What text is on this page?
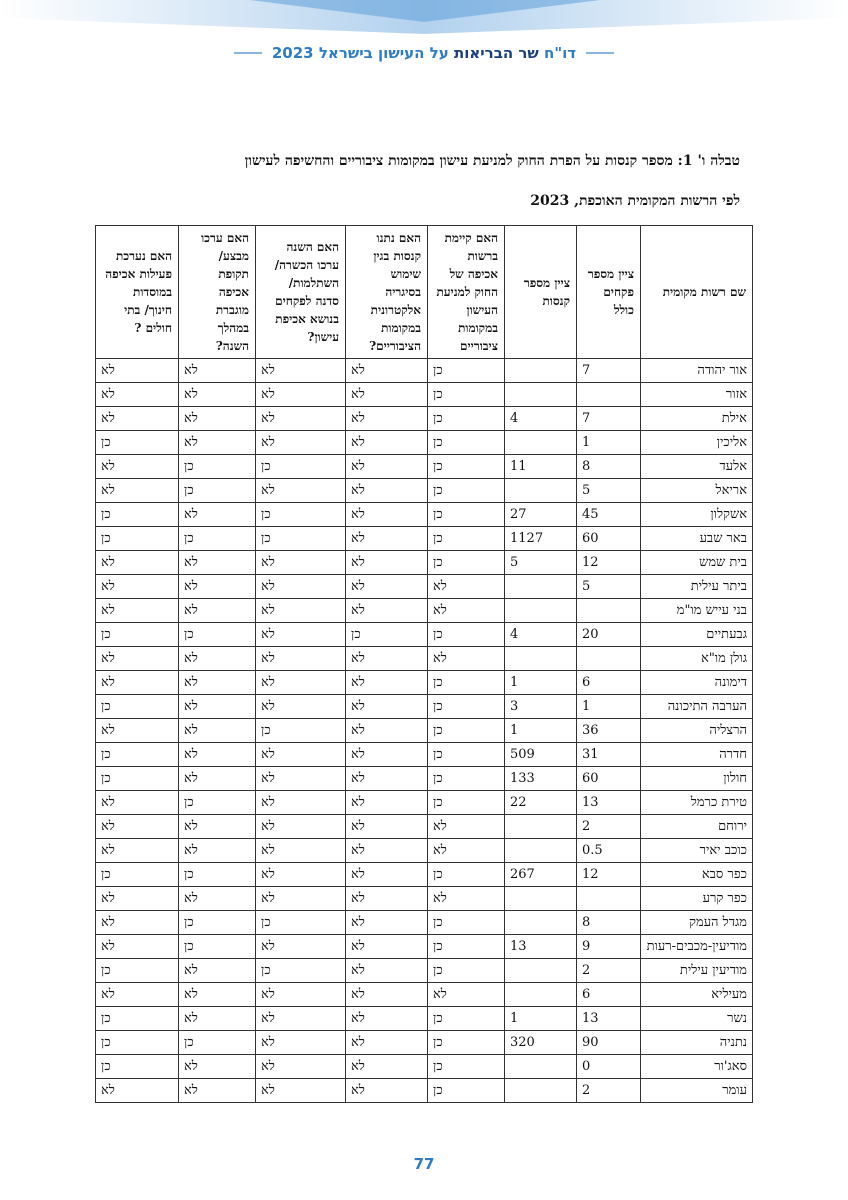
דו"ח שר הבריאות על העישון בישראל 2023
טבלה ו' 1: מספר קנסות על הפרת החוק למניעת עישון במקומות ציבוריים והחשיפה לעישון
לפי הרשות המקומית האוכפת, 2023
שם רשות מקומית	ציין מספר פקחים כולל	ציין מספר קנסות	האם קיימת ברשות אכיפה של החוק למניעת העישון במקומות ציבוריים	האם נתנו קנסות בגין שימוש בסיגריה אלקטרונית במקומות הציבוריים?	האם השנה ערכו הכשרה/ השתלמות/ סדנה לפקחים בנושא אכיפת עישון?	האם ערכו מבצע/ תקופת אכיפה מוגברת במהלך השנה?	האם נערכת פעילות אכיפה במוסדות חינוך/ בתי חולים ?
אור יהודה	7		כן	לא	לא	לא	לא
אזור			כן	לא	לא	לא	לא
אילת	7	4	כן	לא	לא	לא	לא
אליכין	1		כן	לא	לא	לא	כן
אלעד	8	11	כן	לא	כן	כן	לא
אריאל	5		כן	לא	לא	כן	לא
אשקלון	45	27	כן	לא	כן	לא	כן
באר שבע	60	1127	כן	לא	כן	כן	כן
בית שמש	12	5	כן	לא	לא	לא	לא
ביתר עילית	5		לא	לא	לא	לא	לא
בני עייש מו"מ			לא	לא	לא	לא	לא
גבעתיים	20	4	כן	כן	לא	כן	כן
גולן מו"א			לא	לא	לא	לא	לא
דימונה	6	1	כן	לא	לא	לא	לא
הערבה התיכונה	1	3	כן	לא	לא	לא	כן
הרצליה	36	1	כן	לא	כן	לא	לא
חדרה	31	509	כן	לא	לא	לא	כן
חולון	60	133	כן	לא	לא	לא	כן
טירת כרמל	13	22	כן	לא	לא	כן	לא
ירוחם	2		לא	לא	לא	לא	לא
כוכב יאיר	0.5		לא	לא	לא	לא	לא
כפר סבא	12	267	כן	לא	לא	כן	כן
כפר קרע			לא	לא	לא	לא	לא
מגדל העמק	8		כן	לא	כן	כן	לא
מודיעין-מכבים-רעות	9	13	כן	לא	לא	כן	לא
מודיעין עילית	2		כן	לא	כן	לא	כן
מעיליא	6		לא	לא	לא	לא	לא
נשר	13	1	כן	לא	לא	לא	כן
נתניה	90	320	כן	לא	לא	כן	כן
סאג'ור	0		כן	לא	לא	לא	כן
עומר	2		כן	לא	לא	לא	לא
77
